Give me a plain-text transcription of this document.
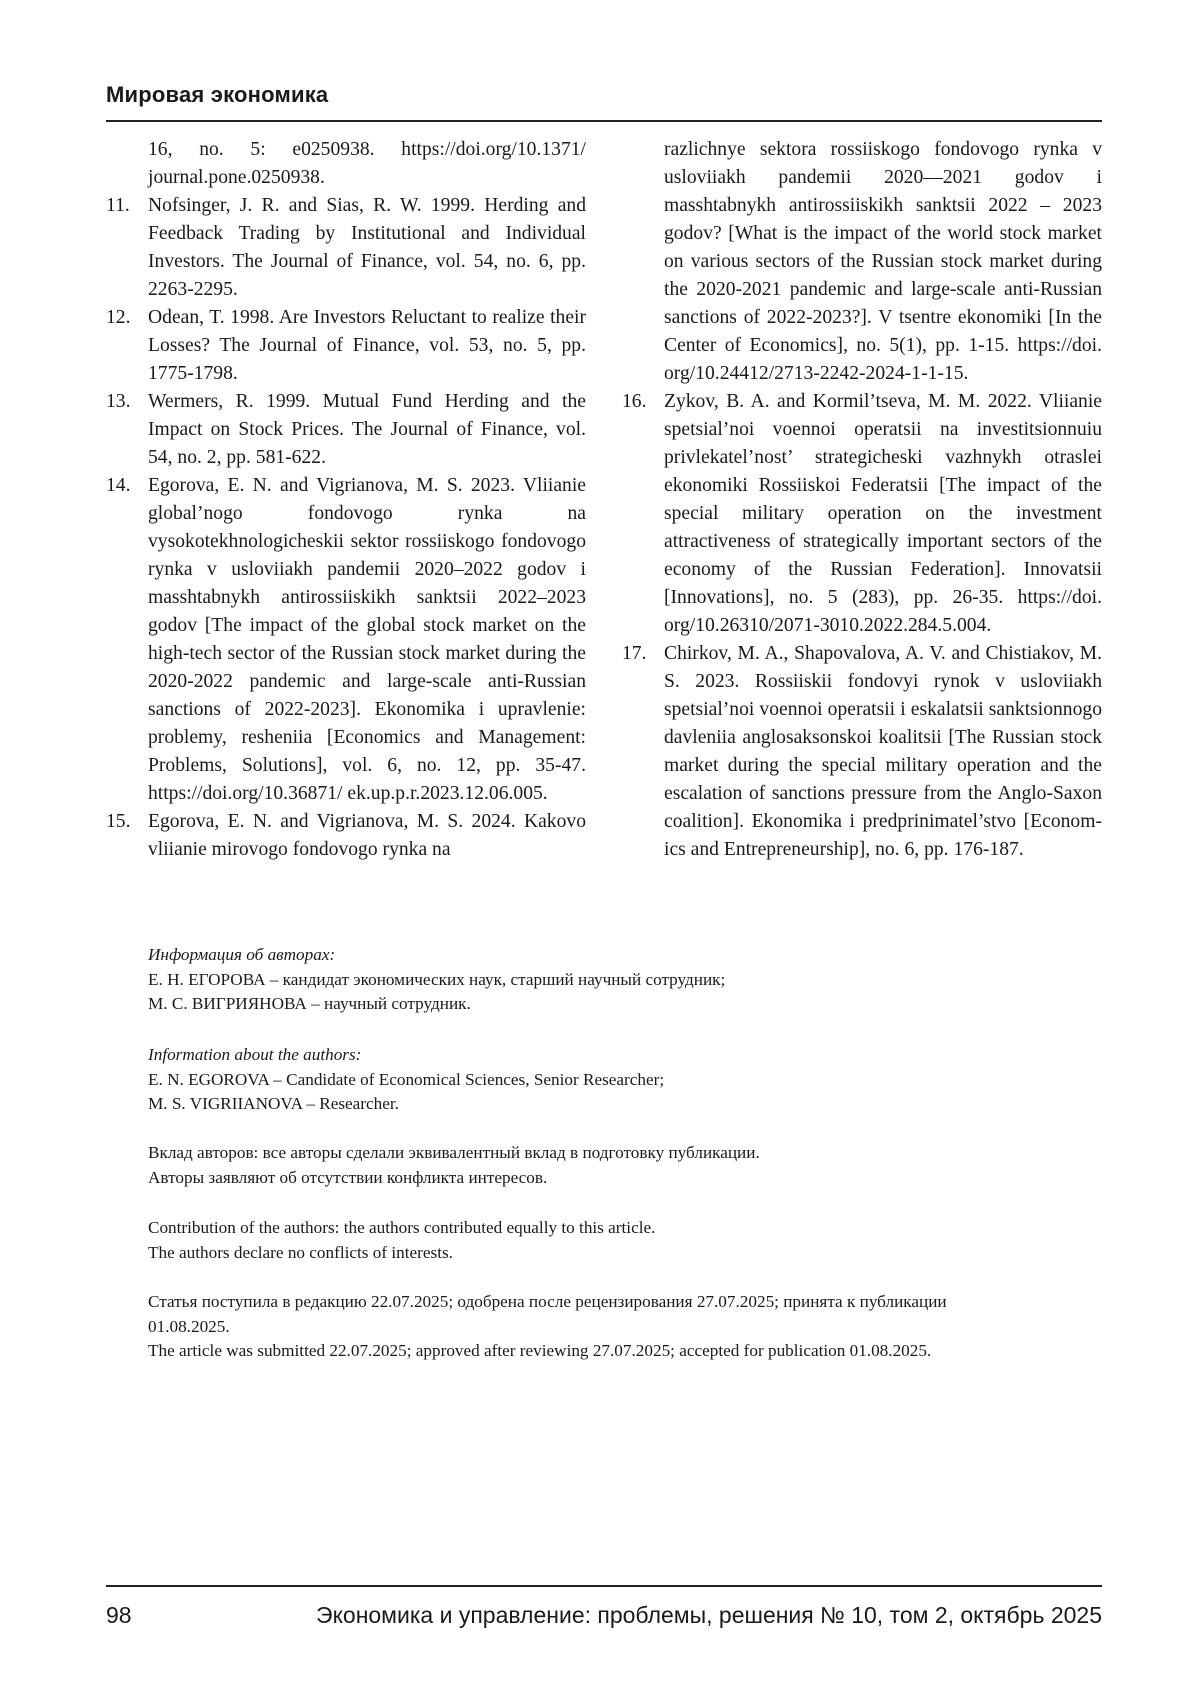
Мировая экономика
16, no. 5: e0250938. https://doi.org/10.1371/ journal.pone.0250938.
11. Nofsinger, J. R. and Sias, R. W. 1999. Herding and Feedback Trading by Institutional and Individual Investors. The Journal of Finance, vol. 54, no. 6, pp. 2263-2295.
12. Odean, T. 1998. Are Investors Reluctant to realize their Losses? The Journal of Finance, vol. 53, no. 5, pp. 1775-1798.
13. Wermers, R. 1999. Mutual Fund Herding and the Impact on Stock Prices. The Journal of Finance, vol. 54, no. 2, pp. 581-622.
14. Egorova, E. N. and Vigrianova, M. S. 2023. Vliianie global’nogo fondovogo rynka na vysokotekhnologicheskii sektor rossiiskogo fondovogo rynka v usloviiakh pandemii 2020–2022 godov i masshtabnykh antirossiiskikh sanktsii 2022–2023 godov [The impact of the global stock market on the high-tech sector of the Russian stock market during the 2020-2022 pandemic and large-scale anti-Russian sanctions of 2022-2023]. Ekonomika i upravlenie: problemy, resheniia [Economics and Management: Problems, Solutions], vol. 6, no. 12, pp. 35-47. https://doi.org/10.36871/ ek.up.p.r.2023.12.06.005.
15. Egorova, E. N. and Vigrianova, M. S. 2024. Kakovo vliianie mirovogo fondovogo rynka na
razlichnye sektora rossiiskogo fondovogo rynka v usloviiakh pandemii 2020—2021 godov i masshtabnykh antirossiiskikh sanktsii 2022 – 2023 godov? [What is the impact of the world stock market on various sectors of the Russian stock market during the 2020-2021 pandemic and large-scale anti-Russian sanctions of 2022-2023?]. V tsentre ekonomiki [In the Center of Economics], no. 5(1), pp. 1-15. https://doi. org/10.24412/2713-2242-2024-1-1-15.
16. Zykov, B. A. and Kormil’tseva, M. M. 2022. Vliianie spetsial’noi voennoi operatsii na investitsionnuiu privlekatel’nost’ strategicheski vazhnykh otraslei ekonomiki Rossiiskoi Federatsii [The impact of the special military operation on the investment attractiveness of strategically important sectors of the economy of the Russian Federation]. Innovatsii [Innovations], no. 5 (283), pp. 26-35. https://doi. org/10.26310/2071-3010.2022.284.5.004.
17. Chirkov, M. A., Shapovalova, A. V. and Chistiakov, M. S. 2023. Rossiiskii fondovyi rynok v usloviiakh spetsial’noi voennoi operatsii i eskalatsii sanktsionnogo davleniia anglosaksonskoi koalitsii [The Russian stock market during the special military operation and the escalation of sanctions pressure from the Anglo-Saxon coalition]. Ekonomika i predprinimatel’stvo [Economics and Entrepreneurship], no. 6, pp. 176-187.

Информация об авторах:

Е. Н. ЕГОРОВА – кандидат экономических наук, старший научный сотрудник;

М. С. ВИГРИЯНОВА – научный сотрудник.

Information about the authors:

E. N. EGOROVA – Candidate of Economical Sciences, Senior Researcher;

M. S. VIGRIIANOVA – Researcher.

Вклад авторов: все авторы сделали эквивалентный вклад в подготовку публикации.

Авторы заявляют об отсутствии конфликта интересов.

Contribution of the authors: the authors contributed equally to this article.

The authors declare no conflicts of interests.

Статья поступила в редакцию 22.07.2025; одобрена после рецензирования 27.07.2025; принята к публикации

01.08.2025.

The article was submitted 22.07.2025; approved after reviewing 27.07.2025; accepted for publication 01.08.2025.

98	Экономика и управление: проблемы, решения № 10, том 2, октябрь 2025
